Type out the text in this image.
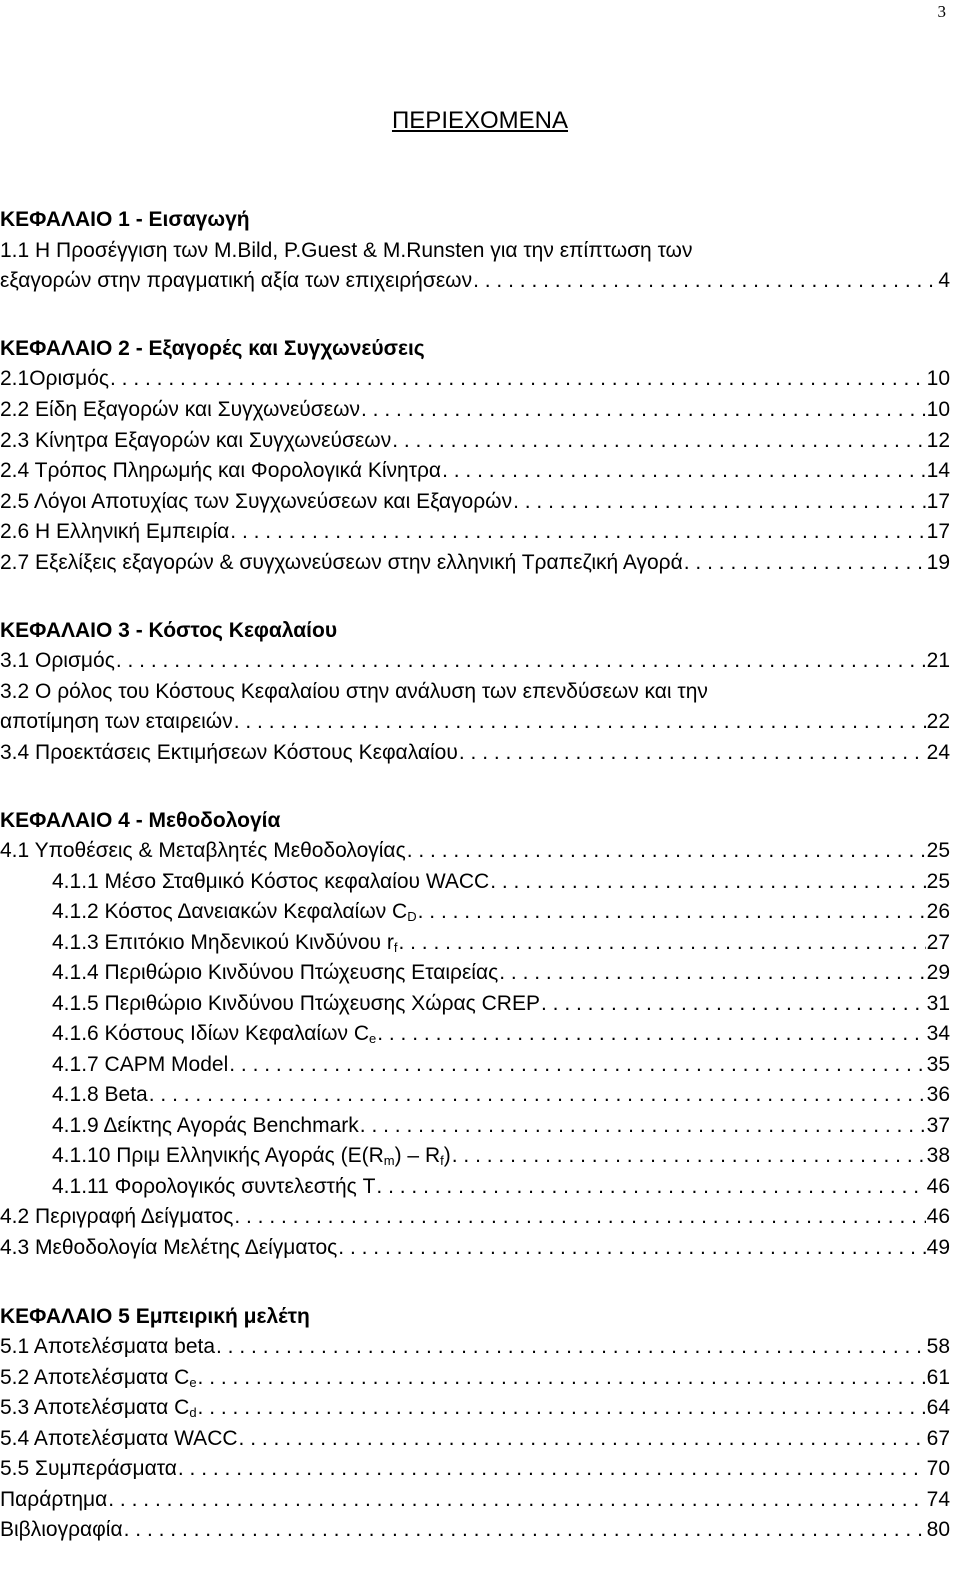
3
ΠΕΡΙΕΧΟΜΕΝΑ
ΚΕΦΑΛΑΙΟ 1 - Εισαγωγή
1.1 Η Προσέγγιση των M.Bild, P.Guest & M.Runsten για την επίπτωση των
εξαγορών στην πραγματική αξία των επιχειρήσεων . . .	4
ΚΕΦΑΛΑΙΟ 2 - Εξαγορές και Συγχωνεύσεις
2.1Ορισμός . . .	10
2.2 Είδη Εξαγορών και Συγχωνεύσεων . . .	10
2.3 Κίνητρα Εξαγορών και Συγχωνεύσεων . . .	12
2.4 Τρόπος Πληρωμής και Φορολογικά Κίνητρα . . .	14
2.5 Λόγοι Αποτυχίας των Συγχωνεύσεων και Εξαγορών . . .	17
2.6 Η Ελληνική Εμπειρία . . .	17
2.7 Εξελίξεις εξαγορών & συγχωνεύσεων στην ελληνική Τραπεζική Αγορά . . .	19
ΚΕΦΑΛΑΙΟ 3 - Κόστος Κεφαλαίου
3.1 Ορισμός . . .	21
3.2 Ο ρόλος του Κόστους Κεφαλαίου στην ανάλυση των επενδύσεων και την
αποτίμηση των εταιρειών . . .	22
3.4 Προεκτάσεις Εκτιμήσεων Κόστους Κεφαλαίου . . .	24
ΚΕΦΑΛΑΙΟ 4 - Μεθοδολογία
4.1 Υποθέσεις & Μεταβλητές Μεθοδολογίας . . .	25
4.1.1 Μέσο Σταθμικό Κόστος κεφαλαίου WACC . . .	25
4.1.2 Κόστος Δανειακών Κεφαλαίων $C_D$ . . .	26
4.1.3 Επιτόκιο Μηδενικού Κινδύνου $r_f$ . . .	27
4.1.4 Περιθώριο Κινδύνου Πτώχευσης Εταιρείας . . .	29
4.1.5 Περιθώριο Κινδύνου Πτώχευσης Χώρας CREP . . .	31
4.1.6 Κόστους Ιδίων Κεφαλαίων $C_e$ . . .	34
4.1.7 CAPM Model . . .	35
4.1.8 Beta . . .	36
4.1.9 Δείκτης Αγοράς Benchmark . . .	37
4.1.10 Πριμ Ελληνικής Αγοράς $(E(R_m) - R_f)$ . . .	38
4.1.11 Φορολογικός συντελεστής T . . .	46
4.2 Περιγραφή Δείγματος . . .	46
4.3 Μεθοδολογία Μελέτης Δείγματος . . .	49
ΚΕΦΑΛΑΙΟ 5 Εμπειρική μελέτη
5.1 Αποτελέσματα beta . . .	58
5.2 Αποτελέσματα $C_e$ . . .	61
5.3 Αποτελέσματα $C_d$ . . .	64
5.4 Αποτελέσματα WACC . . .	67
5.5 Συμπεράσματα . . .	70
Παράρτημα . . .	74
Βιβλιογραφία . . .	80
